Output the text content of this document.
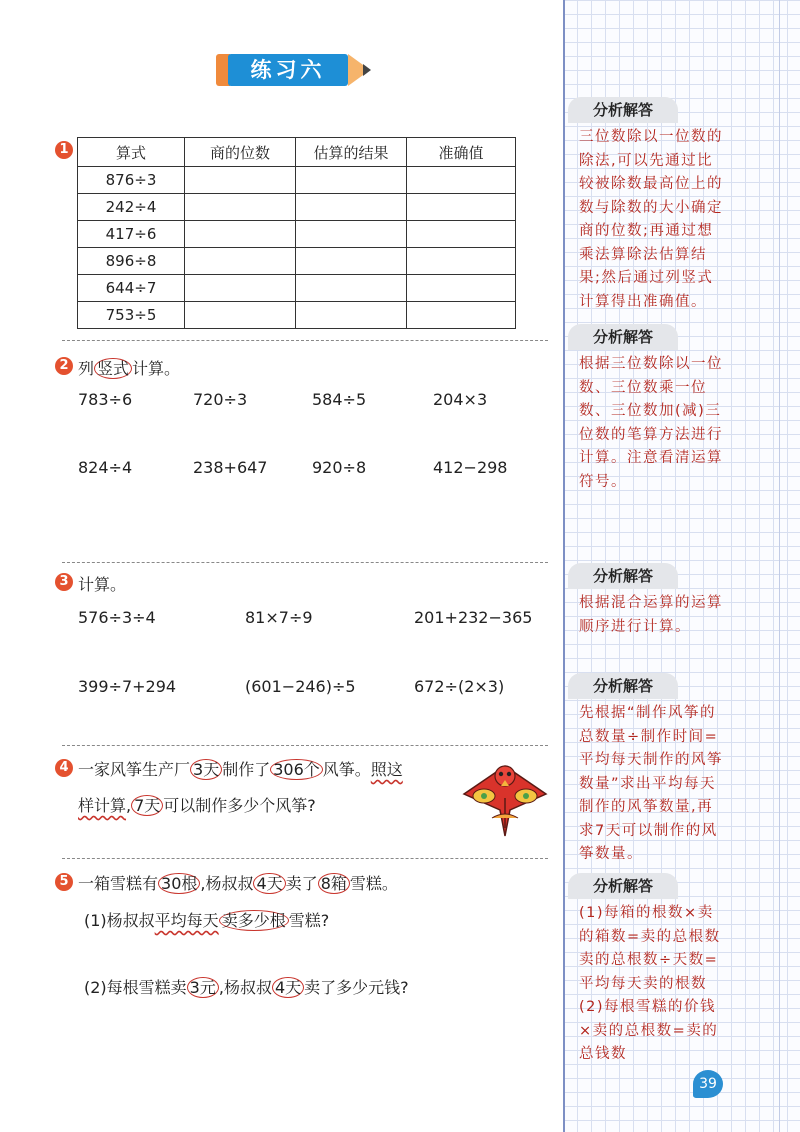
练习六
1	算式	商的位数	估算的结果	准确值
876÷3			
242÷4			
417÷6			
896÷8			
644÷7			
753÷5			
2 列 竖式 计算。
783÷6	720÷3	584÷5	204×3
824÷4	238+647	920÷8	412−298
3 计算。
576÷3÷4	81×7÷9	201+232−365
399÷7+294	(601−246)÷5	672÷(2×3)
4 一家风筝生产厂 3天 制作了 306个 风筝。照这
样计算, 7天 可以制作多少个风筝?
5 一箱雪糕有 30根 ,杨叔叔 4天 卖了 8箱 雪糕。
(1)杨叔叔平均每天 卖多少根 雪糕?
(2)每根雪糕卖 3元 ,杨叔叔 4天 卖了多少元钱?
分析解答
三位数除以一位数的除法,可以先通过比较被除数最高位上的数与除数的大小确定商的位数;再通过想乘法算除法估算结果;然后通过列竖式计算得出准确值。
分析解答
根据三位数除以一位数、三位数乘一位数、三位数加(减)三位数的笔算方法进行计算。注意看清运算符号。
分析解答
根据混合运算的运算顺序进行计算。
分析解答
先根据“制作风筝的总数量÷制作时间=平均每天制作的风筝数量”求出平均每天制作的风筝数量,再求7天可以制作的风筝数量。
分析解答
(1)每箱的根数×卖的箱数=卖的总根数卖的总根数÷天数=平均每天卖的根数(2)每根雪糕的价钱×卖的总根数=卖的总钱数
39
